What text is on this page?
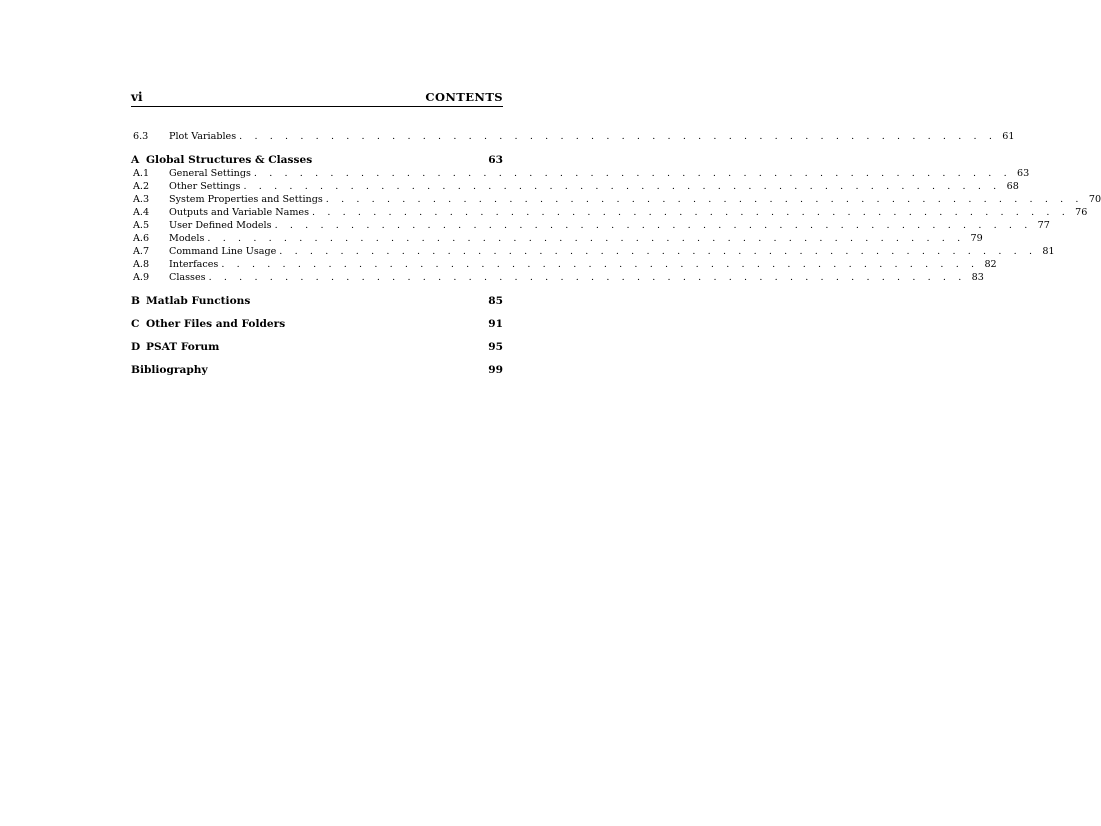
vi	CONTENTS
6.3	Plot Variables . . . . . . . . . . . . . . . . . . . . . . . . . . . . . . . . . . . . . . . . . . . . . . . . . . 61
A Global Structures & Classes	63
A.1	General Settings . . . . . . . . . . . . . . . . . . . . . . . . . . . . . . . . . . . . . . . . . . . . . . . . . . 63
A.2	Other Settings . . . . . . . . . . . . . . . . . . . . . . . . . . . . . . . . . . . . . . . . . . . . . . . . . . 68
A.3	System Properties and Settings . . . . . . . . . . . . . . . . . . . . . . . . . . . . . . . . . . . . . . . . . . . . . . . . . . 70
A.4	Outputs and Variable Names . . . . . . . . . . . . . . . . . . . . . . . . . . . . . . . . . . . . . . . . . . . . . . . . . . 76
A.5	User Defined Models . . . . . . . . . . . . . . . . . . . . . . . . . . . . . . . . . . . . . . . . . . . . . . . . . . 77
A.6	Models . . . . . . . . . . . . . . . . . . . . . . . . . . . . . . . . . . . . . . . . . . . . . . . . . . 79
A.7	Command Line Usage . . . . . . . . . . . . . . . . . . . . . . . . . . . . . . . . . . . . . . . . . . . . . . . . . . 81
A.8	Interfaces . . . . . . . . . . . . . . . . . . . . . . . . . . . . . . . . . . . . . . . . . . . . . . . . . . 82
A.9	Classes . . . . . . . . . . . . . . . . . . . . . . . . . . . . . . . . . . . . . . . . . . . . . . . . . . 83
B Matlab Functions	85
C Other Files and Folders	91
D PSAT Forum	95
Bibliography	99
